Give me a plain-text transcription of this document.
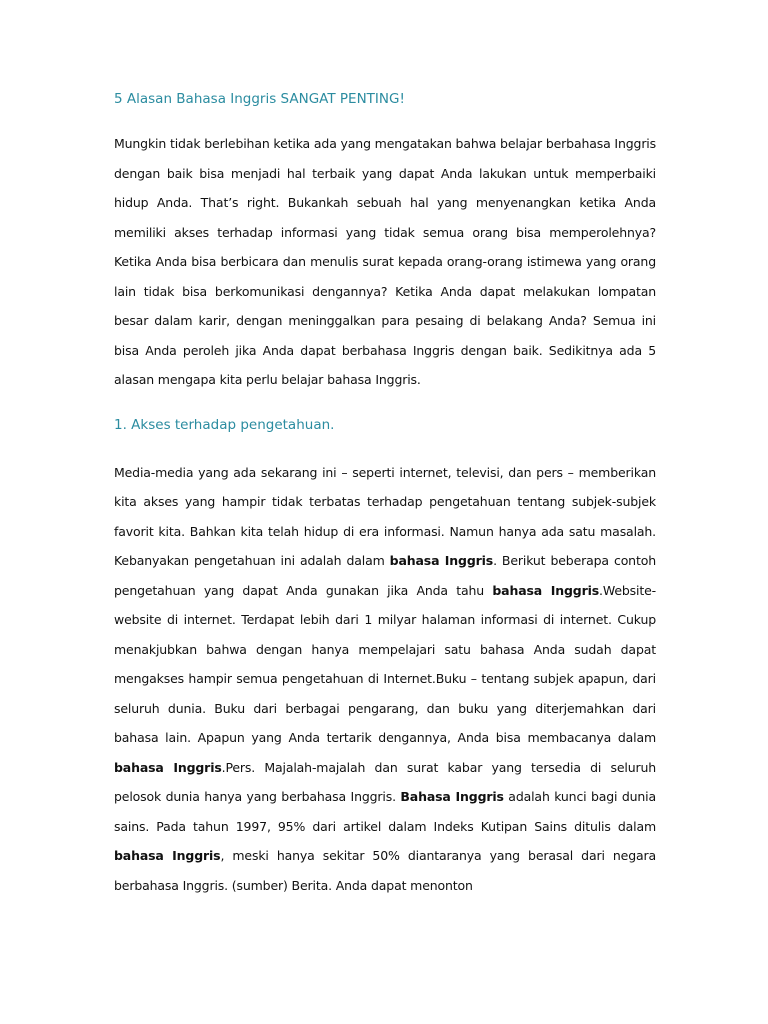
5 Alasan Bahasa Inggris SANGAT PENTING!

Mungkin tidak berlebihan ketika ada yang mengatakan bahwa belajar berbahasa Inggris dengan baik bisa menjadi hal terbaik yang dapat Anda lakukan untuk memperbaiki hidup Anda. That’s right. Bukankah sebuah hal yang menyenangkan ketika Anda memiliki akses terhadap informasi yang tidak semua orang bisa memperolehnya? Ketika Anda bisa berbicara dan menulis surat kepada orang-orang istimewa yang orang lain tidak bisa berkomunikasi dengannya? Ketika Anda dapat melakukan lompatan besar dalam karir, dengan meninggalkan para pesaing di belakang Anda? Semua ini bisa Anda peroleh jika Anda dapat berbahasa Inggris dengan baik. Sedikitnya ada 5 alasan mengapa kita perlu belajar bahasa Inggris.

1. Akses terhadap pengetahuan.

Media-media yang ada sekarang ini – seperti internet, televisi, dan pers – memberikan kita akses yang hampir tidak terbatas terhadap pengetahuan tentang subjek-subjek favorit kita. Bahkan kita telah hidup di era informasi. Namun hanya ada satu masalah. Kebanyakan pengetahuan ini adalah dalam bahasa Inggris. Berikut beberapa contoh pengetahuan yang dapat Anda gunakan jika Anda tahu bahasa Inggris.Website-website di internet. Terdapat lebih dari 1 milyar halaman informasi di internet. Cukup menakjubkan bahwa dengan hanya mempelajari satu bahasa Anda sudah dapat mengakses hampir semua pengetahuan di Internet.Buku – tentang subjek apapun, dari seluruh dunia. Buku dari berbagai pengarang, dan buku yang diterjemahkan dari bahasa lain. Apapun yang Anda tertarik dengannya, Anda bisa membacanya dalam bahasa Inggris.Pers. Majalah-majalah dan surat kabar yang tersedia di seluruh pelosok dunia hanya yang berbahasa Inggris. Bahasa Inggris adalah kunci bagi dunia sains. Pada tahun 1997, 95% dari artikel dalam Indeks Kutipan Sains ditulis dalam bahasa Inggris, meski hanya sekitar 50% diantaranya yang berasal dari negara berbahasa Inggris. (sumber) Berita. Anda dapat menonton
